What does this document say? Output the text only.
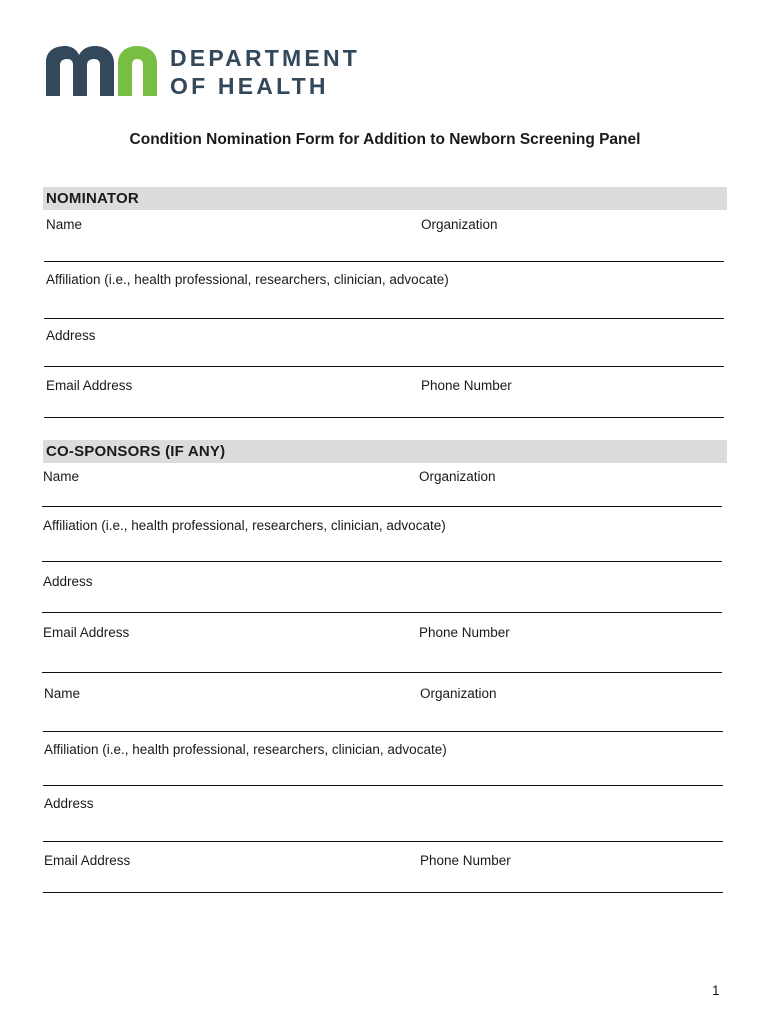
DEPARTMENT
OF HEALTH
Condition Nomination Form for Addition to Newborn Screening Panel
NOMINATOR
Name	Organization
Affiliation (i.e., health professional, researchers, clinician, advocate)
Address
Email Address	Phone Number
CO-SPONSORS (IF ANY)
Name	Organization
Affiliation (i.e., health professional, researchers, clinician, advocate)
Address
Email Address	Phone Number
Name	Organization
Affiliation (i.e., health professional, researchers, clinician, advocate)
Address
Email Address	Phone Number
1
